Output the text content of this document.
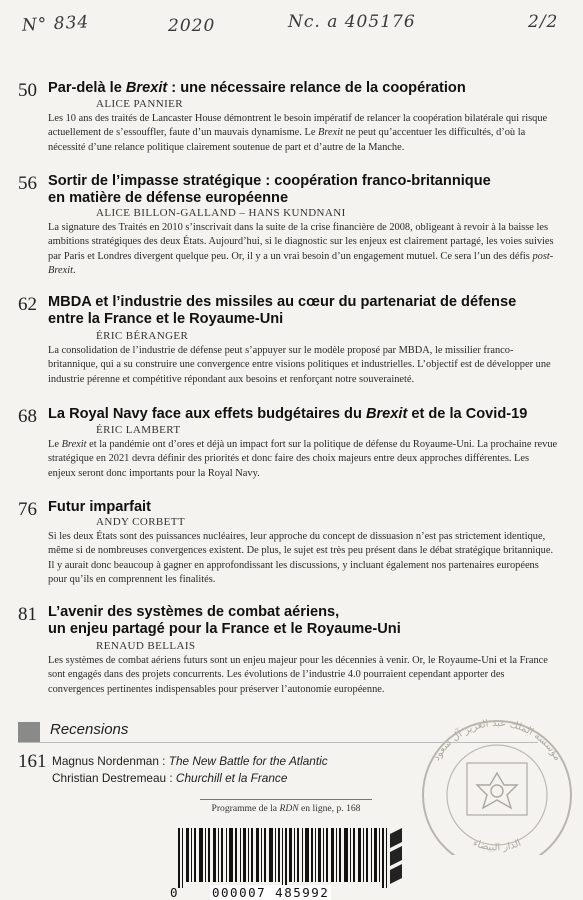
N° 834	2020	Nc. a 405176	2/2
50 Par-delà le Brexit : une nécessaire relance de la coopération
ALICE PANNIER

Les 10 ans des traités de Lancaster House démontrent le besoin impératif de relancer la coopération bilatérale qui risque actuellement de s’essouffler, faute d’un mauvais dynamisme. Le Brexit ne peut qu’accentuer les difficultés, d’où la nécessité d’une relance politique clairement soutenue de part et d’autre de la Manche.

56 Sortir de l’impasse stratégique : coopération franco-britannique
en matière de défense européenne
ALICE BILLON-GALLAND – HANS KUNDNANI

La signature des Traités en 2010 s’inscrivait dans la suite de la crise financière de 2008, obligeant à revoir à la baisse les ambitions stratégiques des deux États. Aujourd’hui, si le diagnostic sur les enjeux est clairement partagé, les voies suivies par Paris et Londres divergent quelque peu. Or, il y a un vrai besoin d’un engagement mutuel. Ce sera l’un des défis post-Brexit.

62 MBDA et l’industrie des missiles au cœur du partenariat de défense
entre la France et le Royaume-Uni
ÉRIC BÉRANGER

La consolidation de l’industrie de défense peut s’appuyer sur le modèle proposé par MBDA, le missilier franco-britannique, qui a su construire une convergence entre visions politiques et industrielles. L’objectif est de développer une industrie pérenne et compétitive répondant aux besoins et renforçant notre souveraineté.

68 La Royal Navy face aux effets budgétaires du Brexit et de la Covid-19
ÉRIC LAMBERT

Le Brexit et la pandémie ont d’ores et déjà un impact fort sur la politique de défense du Royaume-Uni. La prochaine revue stratégique en 2021 devra définir des priorités et donc faire des choix majeurs entre deux approches différentes. Les enjeux seront donc importants pour la Royal Navy.

76 Futur imparfait
ANDY CORBETT

Si les deux États sont des puissances nucléaires, leur approche du concept de dissuasion n’est pas strictement identique, même si de nombreuses convergences existent. De plus, le sujet est très peu présent dans le débat stratégique britannique. Il y aurait donc beaucoup à gagner en approfondissant les discussions, y incluant également nos partenaires européens pour qu’ils en comprennent les finalités.

81 L’avenir des systèmes de combat aériens,
un enjeu partagé pour la France et le Royaume-Uni
RENAUD BELLAIS

Les systèmes de combat aériens futurs sont un enjeu majeur pour les décennies à venir. Or, le Royaume-Uni et la France sont engagés dans des projets concurrents. Les évolutions de l’industrie 4.0 pourraient cependant apporter des convergences pertinentes indispensables pour préserver l’autonomie européenne.

Recensions
161 Magnus Nordenman : The New Battle for the Atlantic
Christian Destremeau : Churchill et la France
Programme de la RDN en ligne, p. 168
0	000007 485992
مؤسسة الملك عبد العزيز آل سعود
الدار البيضاء
